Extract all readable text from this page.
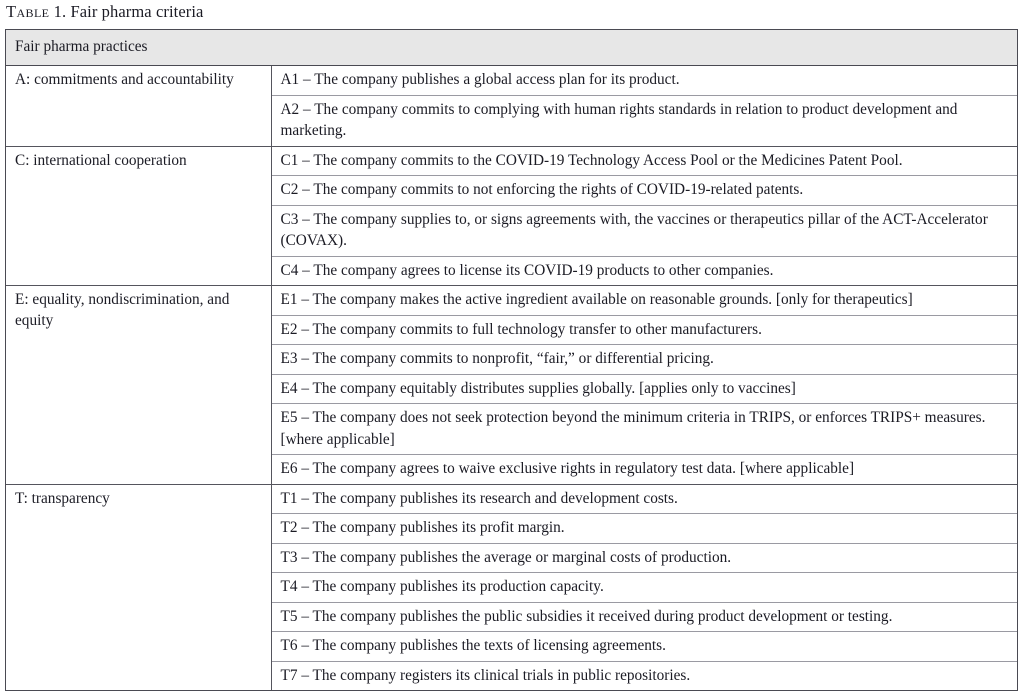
Table 1. Fair pharma criteria
Fair pharma practices	
A: commitments and accountability	A1 – The company publishes a global access plan for its product.
	A2 – The company commits to complying with human rights standards in relation to product development and marketing.
C: international cooperation	C1 – The company commits to the COVID-19 Technology Access Pool or the Medicines Patent Pool.
	C2 – The company commits to not enforcing the rights of COVID-19-related patents.
	C3 – The company supplies to, or signs agreements with, the vaccines or therapeutics pillar of the ACT-Accelerator (COVAX).
	C4 – The company agrees to license its COVID-19 products to other companies.
E: equality, nondiscrimination, and equity	E1 – The company makes the active ingredient available on reasonable grounds. [only for therapeutics]
	E2 – The company commits to full technology transfer to other manufacturers.
	E3 – The company commits to nonprofit, “fair,” or differential pricing.
	E4 – The company equitably distributes supplies globally. [applies only to vaccines]
	E5 – The company does not seek protection beyond the minimum criteria in TRIPS, or enforces TRIPS+ measures. [where applicable]
	E6 – The company agrees to waive exclusive rights in regulatory test data. [where applicable]
T: transparency	T1 – The company publishes its research and development costs.
	T2 – The company publishes its profit margin.
	T3 – The company publishes the average or marginal costs of production.
	T4 – The company publishes its production capacity.
	T5 – The company publishes the public subsidies it received during product development or testing.
	T6 – The company publishes the texts of licensing agreements.
	T7 – The company registers its clinical trials in public repositories.
